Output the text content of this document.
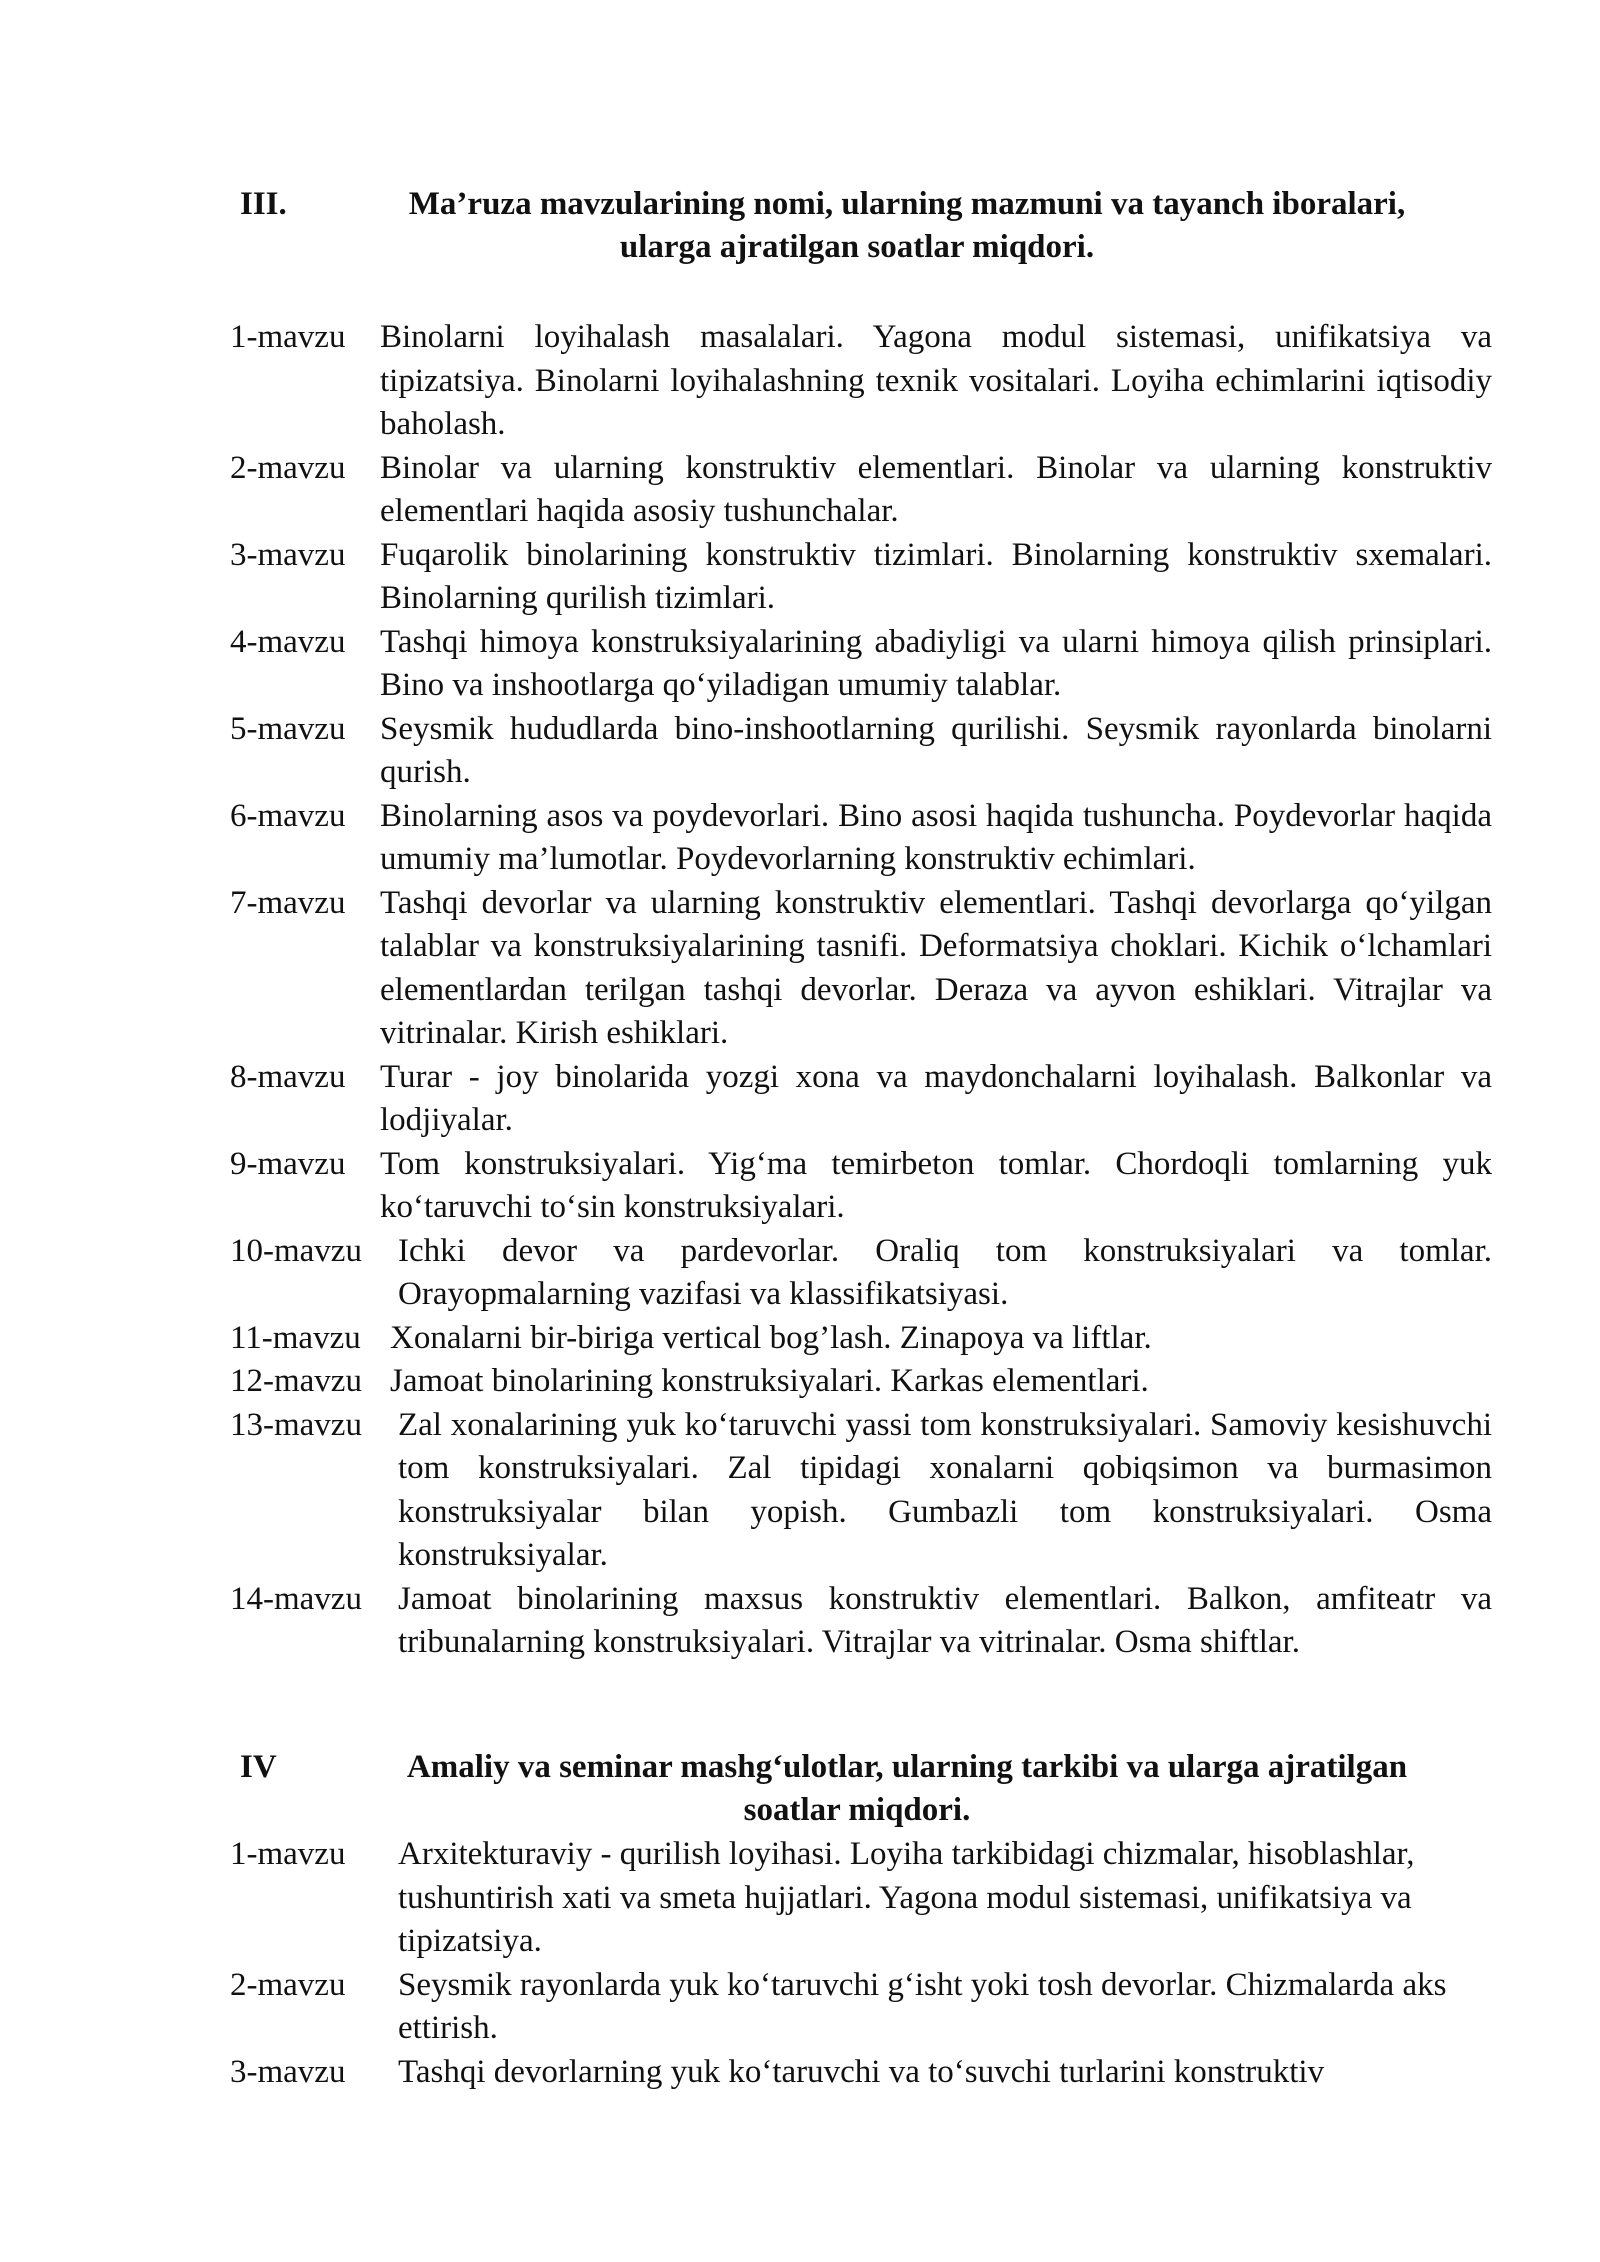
III.	Ma’ruza mavzularining nomi, ularning mazmuni va tayanch iboralari,
ularga ajratilgan soatlar miqdori.
1-mavzu Binolarni loyihalash masalalari. Yagona modul sistemasi, unifikatsiya va tipizatsiya. Binolarni loyihalashning texnik vositalari. Loyiha echimlarini iqtisodiy baholash.
2-mavzu Binolar va ularning konstruktiv elementlari. Binolar va ularning konstruktiv elementlari haqida asosiy tushunchalar.
3-mavzu Fuqarolik binolarining konstruktiv tizimlari. Binolarning konstruktiv sxemalari. Binolarning qurilish tizimlari.
4-mavzu Tashqi himoya konstruksiyalarining abadiyligi va ularni himoya qilish prinsiplari. Bino va inshootlarga qo‘yiladigan umumiy talablar.
5-mavzu Seysmik hududlarda bino-inshootlarning qurilishi. Seysmik rayonlarda binolarni qurish.
6-mavzu Binolarning asos va poydevorlari. Bino asosi haqida tushuncha. Poydevorlar haqida umumiy ma’lumotlar. Poydevorlarning konstruktiv echimlari.
7-mavzu Tashqi devorlar va ularning konstruktiv elementlari. Tashqi devorlarga qo‘yilgan talablar va konstruksiyalarining tasnifi. Deformatsiya choklari. Kichik o‘lchamlari elementlardan terilgan tashqi devorlar. Deraza va ayvon eshiklari. Vitrajlar va vitrinalar. Kirish eshiklari.
8-mavzu Turar - joy binolarida yozgi xona va maydonchalarni loyihalash. Balkonlar va lodjiyalar.
9-mavzu Tom konstruksiyalari. Yig‘ma temirbeton tomlar. Chordoqli tomlarning yuk ko‘taruvchi to‘sin konstruksiyalari.
10-mavzu Ichki devor va pardevorlar. Oraliq tom konstruksiyalari va tomlar. Orayopmalarning vazifasi va klassifikatsiyasi.
11-mavzu Xonalarni bir-biriga vertical bog’lash. Zinapoya va liftlar.
12-mavzu Jamoat binolarining konstruksiyalari. Karkas elementlari.
13-mavzu Zal xonalarining yuk ko‘taruvchi yassi tom konstruksiyalari. Samoviy kesishuvchi tom konstruksiyalari. Zal tipidagi xonalarni qobiqsimon va burmasimon konstruksiyalar bilan yopish. Gumbazli tom konstruksiyalari. Osma konstruksiyalar.
14-mavzu Jamoat binolarining maxsus konstruktiv elementlari. Balkon, amfiteatr va tribunalarning konstruksiyalari. Vitrajlar va vitrinalar. Osma shiftlar.
IV	Amaliy va seminar mashg‘ulotlar, ularning tarkibi va ularga ajratilgan
soatlar miqdori.
1-mavzu Arxitekturaviy - qurilish loyihasi. Loyiha tarkibidagi chizmalar, hisoblashlar, tushuntirish xati va smeta hujjatlari. Yagona modul sistemasi, unifikatsiya va tipizatsiya.
2-mavzu Seysmik rayonlarda yuk ko‘taruvchi g‘isht yoki tosh devorlar. Chizmalarda aks ettirish.
3-mavzu Tashqi devorlarning yuk ko‘taruvchi va to‘suvchi turlarini konstruktiv
